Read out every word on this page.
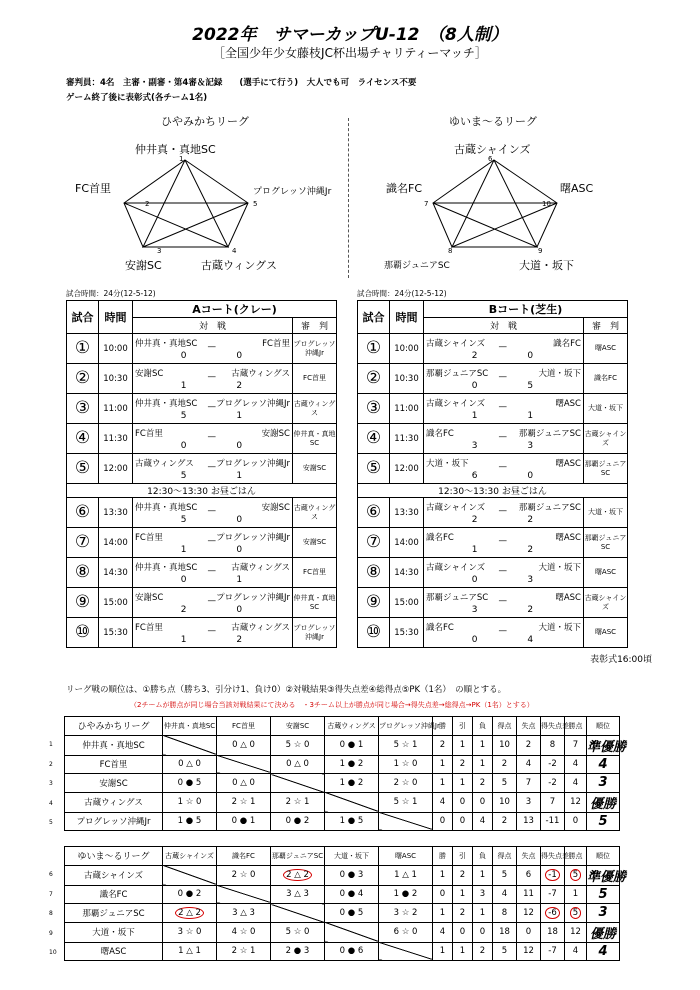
2022年　サマーカップU-12　（8人制）
［全国少年少女藤枝JC杯出場チャリティーマッチ］
審判員：4名　主審・副審・第4審＆記録　　(選手にて行う)　大人でも可　ライセンス不要
ゲーム終了後に表彰式(各チーム1名)
ひやみかちリーグ	ゆいま～るリーグ
仲井真・真地SC
1
FC首里
2
プログレッソ沖縄Jr
5
3
安謝SC
4
古蔵ウィングス
古蔵シャインズ
6
識名FC
7
曙ASC
10
8
那覇ジュニアSC
9
大道・坂下
試合時間：24分(12-5-12)	試合時間：24分(12-5-12)
試合	時間	Aコート(クレー)	
		対　戦	審　判
①	10:00	仲井真・真地SC — FC首里
0 0	プログレッソ沖縄Jr
②	10:30	安謝SC — 古蔵ウィングス
1 2	FC首里
③	11:00	仲井真・真地SC — プログレッソ沖縄Jr
5 1	古蔵ウィングス
④	11:30	FC首里 — 安謝SC
0 0	仲井真・真地SC
⑤	12:00	古蔵ウィングス — プログレッソ沖縄Jr
5 1	安謝SC
12:30～13:30 お昼ごはん			
⑥	13:30	仲井真・真地SC — 安謝SC
5 0	古蔵ウィングス
⑦	14:00	FC首里 — プログレッソ沖縄Jr
1 0	安謝SC
⑧	14:30	仲井真・真地SC — 古蔵ウィングス
0 1	FC首里
⑨	15:00	安謝SC — プログレッソ沖縄Jr
2 0	仲井真・真地SC
⑩	15:30	FC首里 — 古蔵ウィングス
1 2	プログレッソ沖縄Jr
試合	時間	Bコート(芝生)	
		対　戦	審　判
①	10:00	古蔵シャインズ — 識名FC
2 0	曙ASC
②	10:30	那覇ジュニアSC — 大道・坂下
0 5	識名FC
③	11:00	古蔵シャインズ — 曙ASC
1 1	大道・坂下
④	11:30	識名FC — 那覇ジュニアSC
3 3	古蔵シャインズ
⑤	12:00	大道・坂下 — 曙ASC
6 0	那覇ジュニアSC
12:30～13:30 お昼ごはん			
⑥	13:30	古蔵シャインズ — 那覇ジュニアSC
2 2	大道・坂下
⑦	14:00	識名FC — 曙ASC
1 2	那覇ジュニアSC
⑧	14:30	古蔵シャインズ — 大道・坂下
0 3	曙ASC
⑨	15:00	那覇ジュニアSC — 曙ASC
3 2	古蔵シャインズ
⑩	15:30	識名FC — 大道・坂下
0 4	曙ASC
表彰式16:00頃
リーグ戦の順位は、①勝ち点（勝ち3、引分け1、負け0）②対戦結果③得失点差④総得点⑤PK（1名）　の順とする。
（2チームが勝点が同じ場合当該対戦結果にて決める　・3チーム以上が勝点が同じ場合→得失点差→総得点→PK（1名）とする）
ひやみかちリーグ	仲井真・真地SC	FC首里	安謝SC	古蔵ウィングス	プログレッソ沖縄Jr	勝	引	負	得点	失点	得失点差	勝点	順位
仲井真・真地SC		0 △ 0	5 ☆ 0	0 ● 1	5 ☆ 1	2	1	1	10	2	8	7	準優勝
FC首里	0 △ 0		0 △ 0	1 ● 2	1 ☆ 0	1	2	1	2	4	-2	4	4
安謝SC	0 ● 5	0 △ 0		1 ● 2	2 ☆ 0	1	1	2	5	7	-2	4	3
古蔵ウィングス	1 ☆ 0	2 ☆ 1	2 ☆ 1		5 ☆ 1	4	0	0	10	3	7	12	優勝
プログレッソ沖縄Jr	1 ● 5	0 ● 1	0 ● 2	1 ● 5		0	0	4	2	13	-11	0	5
ゆいま～るリーグ	古蔵シャインズ	識名FC	那覇ジュニアSC	大道・坂下	曙ASC	勝	引	負	得点	失点	得失点差	勝点	順位
古蔵シャインズ		2 ☆ 0	2 △ 2	0 ● 3	1 △ 1	1	2	1	5	6	-1	5	準優勝
識名FC	0 ● 2		3 △ 3	0 ● 4	1 ● 2	0	1	3	4	11	-7	1	5
那覇ジュニアSC	2 △ 2	3 △ 3		0 ● 5	3 ☆ 2	1	2	1	8	12	-6	5	3
大道・坂下	3 ☆ 0	4 ☆ 0	5 ☆ 0		6 ☆ 0	4	0	0	18	0	18	12	優勝
曙ASC	1 △ 1	2 ☆ 1	2 ● 3	0 ● 6		1	1	2	5	12	-7	4	4
1
2
3
4
5
6
7
8
9
10
